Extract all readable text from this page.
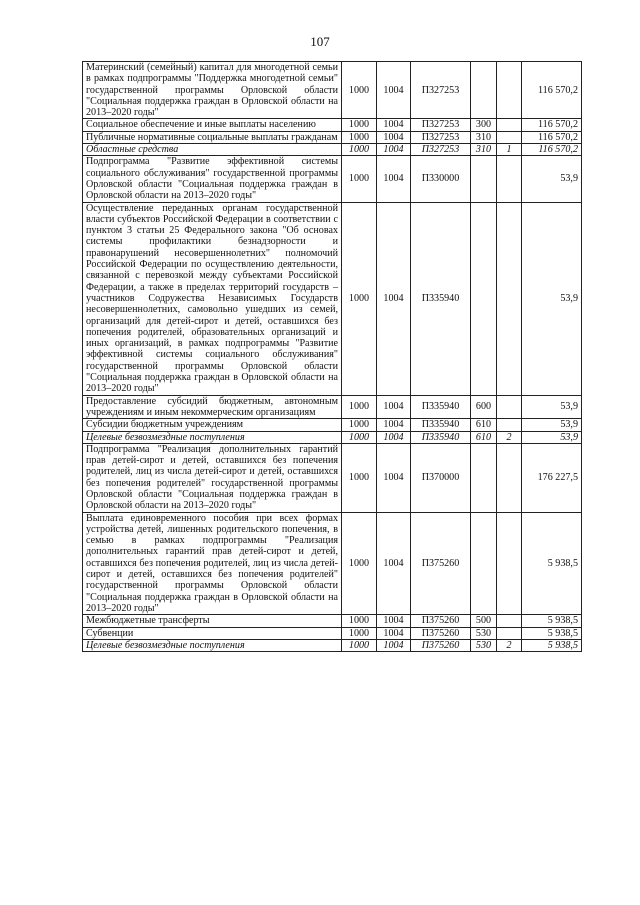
107
Материнский (семейный) капитал для многодетной семьи в рамках подпрограммы "Поддержка многодетной семьи" государственной программы Орловской области "Социальная поддержка граждан в Орловской области на 2013–2020 годы"	1000	1004	П327253			116 570,2
Социальное обеспечение и иные выплаты населению	1000	1004	П327253	300		116 570,2
Публичные нормативные социальные выплаты гражданам	1000	1004	П327253	310		116 570,2
Областные средства	1000	1004	П327253	310	1	116 570,2
Подпрограмма "Развитие эффективной системы социального обслуживания" государственной программы Орловской области "Социальная поддержка граждан в Орловской области на 2013–2020 годы"	1000	1004	П330000			53,9
Осуществление переданных органам государственной власти субъектов Российской Федерации в соответствии с пунктом 3 статьи 25 Федерального закона "Об основах системы профилактики безнадзорности и правонарушений несовершеннолетних" полномочий Российской Федерации по осуществлению деятельности, связанной с перевозкой между субъектами Российской Федерации, а также в пределах территорий государств – участников Содружества Независимых Государств несовершеннолетних, самовольно ушедших из семей, организаций для детей-сирот и детей, оставшихся без попечения родителей, образовательных организаций и иных организаций, в рамках подпрограммы "Развитие эффективной системы социального обслуживания" государственной программы Орловской области "Социальная поддержка граждан в Орловской области на 2013–2020 годы"	1000	1004	П335940			53,9
Предоставление субсидий бюджетным, автономным учреждениям и иным некоммерческим организациям	1000	1004	П335940	600		53,9
Субсидии бюджетным учреждениям	1000	1004	П335940	610		53,9
Целевые безвозмездные поступления	1000	1004	П335940	610	2	53,9
Подпрограмма "Реализация дополнительных гарантий прав детей-сирот и детей, оставшихся без попечения родителей, лиц из числа детей-сирот и детей, оставшихся без попечения родителей" государственной программы Орловской области "Социальная поддержка граждан в Орловской области на 2013–2020 годы"	1000	1004	П370000			176 227,5
Выплата единовременного пособия при всех формах устройства детей, лишенных родительского попечения, в семью в рамках подпрограммы "Реализация дополнительных гарантий прав детей-сирот и детей, оставшихся без попечения родителей, лиц из числа детей-сирот и детей, оставшихся без попечения родителей" государственной программы Орловской области "Социальная поддержка граждан в Орловской области на 2013–2020 годы"	1000	1004	П375260			5 938,5
Межбюджетные трансферты	1000	1004	П375260	500		5 938,5
Субвенции	1000	1004	П375260	530		5 938,5
Целевые безвозмездные поступления	1000	1004	П375260	530	2	5 938,5
